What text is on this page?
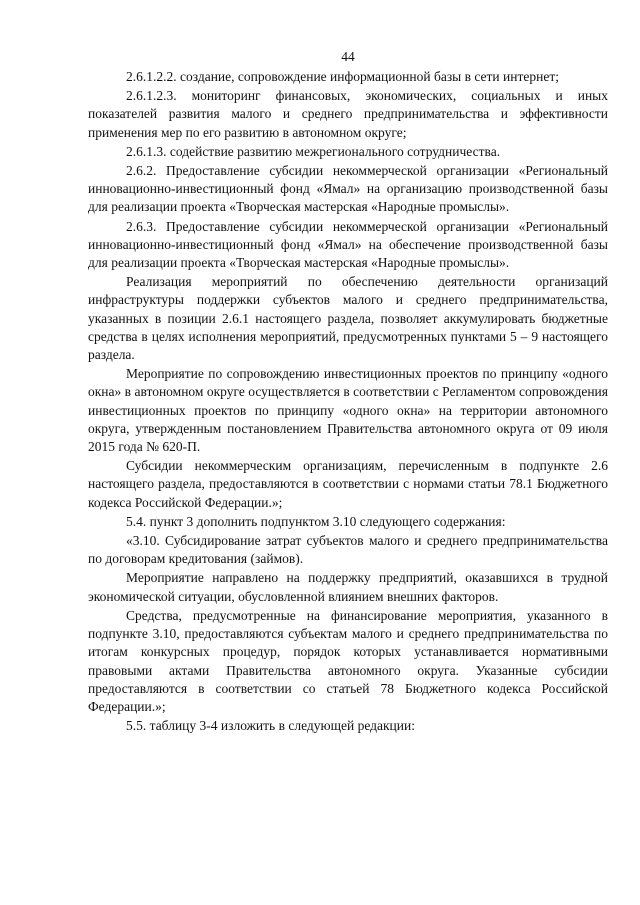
44

2.6.1.2.2. создание, сопровождение информационной базы в сети интернет;

2.6.1.2.3. мониторинг финансовых, экономических, социальных и иных показателей развития малого и среднего предпринимательства и эффективности применения мер по его развитию в автономном округе;

2.6.1.3. содействие развитию межрегионального сотрудничества.

2.6.2. Предоставление субсидии некоммерческой организации «Региональный инновационно-инвестиционный фонд «Ямал» на организацию производственной базы для реализации проекта «Творческая мастерская «Народные промыслы».

2.6.3. Предоставление субсидии некоммерческой организации «Региональный инновационно-инвестиционный фонд «Ямал» на обеспечение производственной базы для реализации проекта «Творческая мастерская «Народные промыслы».

Реализация мероприятий по обеспечению деятельности организаций инфраструктуры поддержки субъектов малого и среднего предпринимательства, указанных в позиции 2.6.1 настоящего раздела, позволяет аккумулировать бюджетные средства в целях исполнения мероприятий, предусмотренных пунктами 5 – 9 настоящего раздела.

Мероприятие по сопровождению инвестиционных проектов по принципу «одного окна» в автономном округе осуществляется в соответствии с Регламентом сопровождения инвестиционных проектов по принципу «одного окна» на территории автономного округа, утвержденным постановлением Правительства автономного округа от 09 июля 2015 года № 620-П.

Субсидии некоммерческим организациям, перечисленным в подпункте 2.6 настоящего раздела, предоставляются в соответствии с нормами статьи 78.1 Бюджетного кодекса Российской Федерации.»;

5.4. пункт 3 дополнить подпунктом 3.10 следующего содержания:

«3.10. Субсидирование затрат субъектов малого и среднего предпринимательства по договорам кредитования (займов).

Мероприятие направлено на поддержку предприятий, оказавшихся в трудной экономической ситуации, обусловленной влиянием внешних факторов.

Средства, предусмотренные на финансирование мероприятия, указанного в подпункте 3.10, предоставляются субъектам малого и среднего предпринимательства по итогам конкурсных процедур, порядок которых устанавливается нормативными правовыми актами Правительства автономного округа. Указанные субсидии предоставляются в соответствии со статьей 78 Бюджетного кодекса Российской Федерации.»;

5.5. таблицу 3-4 изложить в следующей редакции:
